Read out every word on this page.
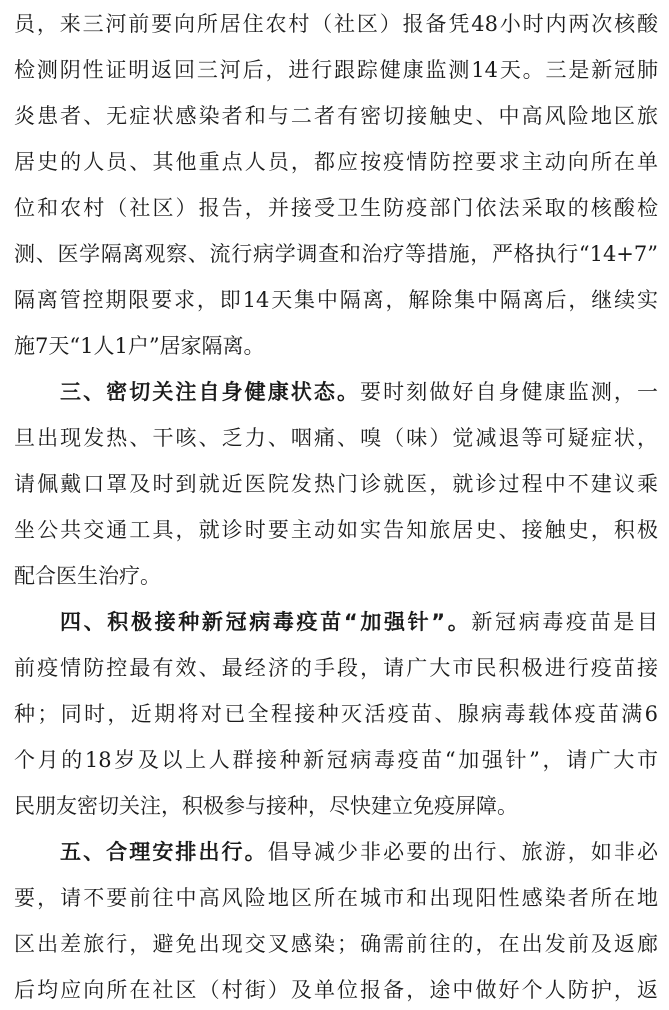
员，来三河前要向所居住农村（社区）报备凭48小时内两次核酸
检测阴性证明返回三河后，进行跟踪健康监测14天。三是新冠肺
炎患者、无症状感染者和与二者有密切接触史、中高风险地区旅
居史的人员、其他重点人员，都应按疫情防控要求主动向所在单
位和农村（社区）报告，并接受卫生防疫部门依法采取的核酸检
测、医学隔离观察、流行病学调查和治疗等措施，严格执行“14+7”
隔离管控期限要求，即14天集中隔离，解除集中隔离后，继续实
施7天“1人1户”居家隔离。
三、密切关注自身健康状态。要时刻做好自身健康监测，一
旦出现发热、干咳、乏力、咽痛、嗅（味）觉减退等可疑症状，
请佩戴口罩及时到就近医院发热门诊就医，就诊过程中不建议乘
坐公共交通工具，就诊时要主动如实告知旅居史、接触史，积极
配合医生治疗。
四、积极接种新冠病毒疫苗“加强针”。新冠病毒疫苗是目
前疫情防控最有效、最经济的手段，请广大市民积极进行疫苗接
种；同时，近期将对已全程接种灭活疫苗、腺病毒载体疫苗满6
个月的18岁及以上人群接种新冠病毒疫苗“加强针”，请广大市
民朋友密切关注，积极参与接种，尽快建立免疫屏障。
五、合理安排出行。倡导减少非必要的出行、旅游，如非必
要，请不要前往中高风险地区所在城市和出现阳性感染者所在地
区出差旅行，避免出现交叉感染；确需前往的，在出发前及返廊
后均应向所在社区（村街）及单位报备，途中做好个人防护，返
